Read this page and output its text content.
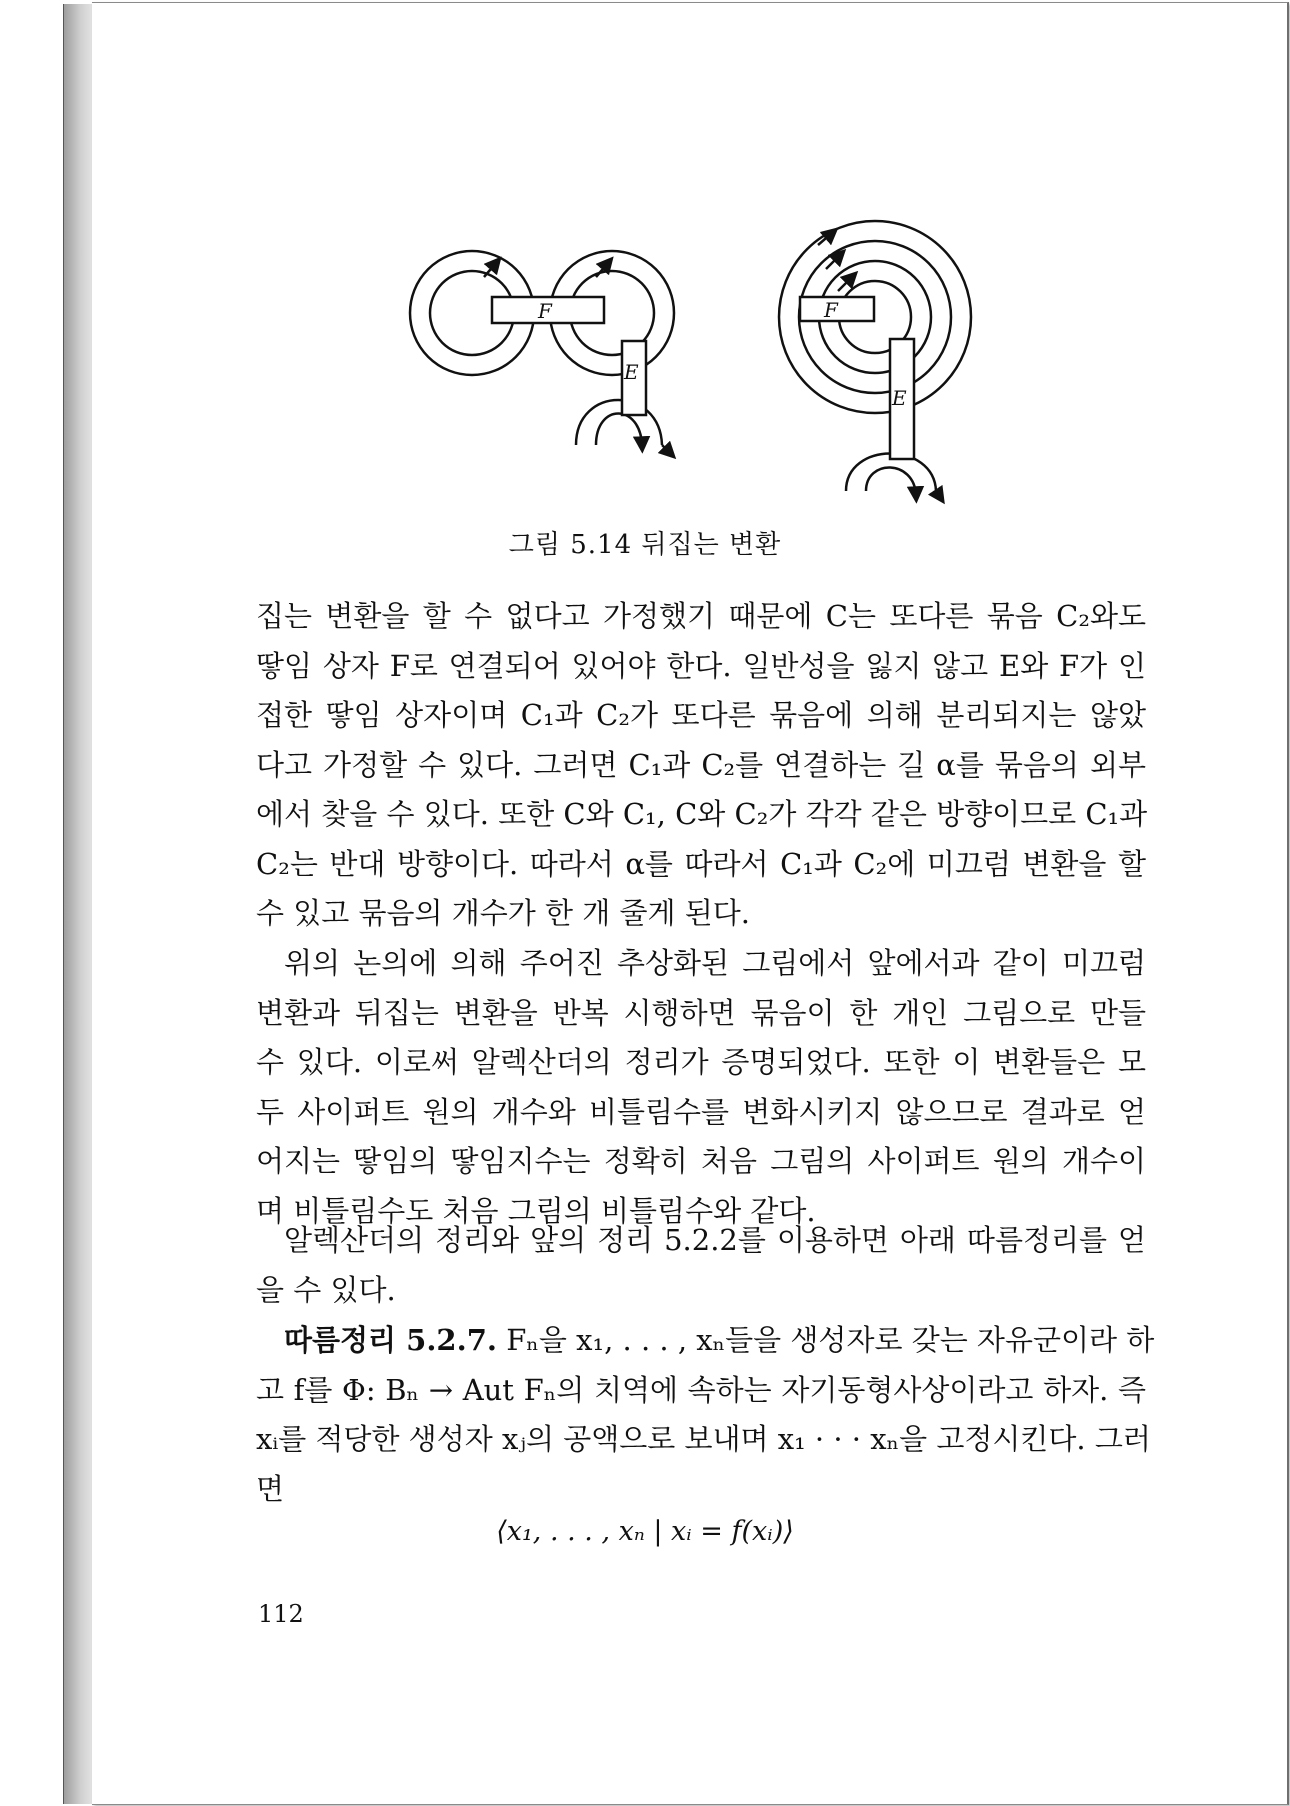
F
E
F
E
그림 5.14 뒤집는 변환
집는 변환을 할 수 없다고 가정했기 때문에 C는 또다른 묶음 C₂와도
땋임 상자 F로 연결되어 있어야 한다. 일반성을 잃지 않고 E와 F가 인
접한 땋임 상자이며 C₁과 C₂가 또다른 묶음에 의해 분리되지는 않았
다고 가정할 수 있다. 그러면 C₁과 C₂를 연결하는 길 α를 묶음의 외부
에서 찾을 수 있다. 또한 C와 C₁, C와 C₂가 각각 같은 방향이므로 C₁과
C₂는 반대 방향이다. 따라서 α를 따라서 C₁과 C₂에 미끄럼 변환을 할
수 있고 묶음의 개수가 한 개 줄게 된다.
위의 논의에 의해 주어진 추상화된 그림에서 앞에서과 같이 미끄럼
변환과 뒤집는 변환을 반복 시행하면 묶음이 한 개인 그림으로 만들
수 있다. 이로써 알렉산더의 정리가 증명되었다. 또한 이 변환들은 모
두 사이퍼트 원의 개수와 비틀림수를 변화시키지 않으므로 결과로 얻
어지는 땋임의 땋임지수는 정확히 처음 그림의 사이퍼트 원의 개수이
며 비틀림수도 처음 그림의 비틀림수와 같다.
알렉산더의 정리와 앞의 정리 5.2.2를 이용하면 아래 따름정리를 얻
을 수 있다.
따름정리 5.2.7. Fₙ을 x₁, . . . , xₙ들을 생성자로 갖는 자유군이라 하
고 f를 Φ: Bₙ → Aut Fₙ의 치역에 속하는 자기동형사상이라고 하자. 즉
xᵢ를 적당한 생성자 xⱼ의 공액으로 보내며 x₁ · · · xₙ을 고정시킨다. 그러
면
⟨x₁, . . . , xₙ | xᵢ = f(xᵢ)⟩
112
